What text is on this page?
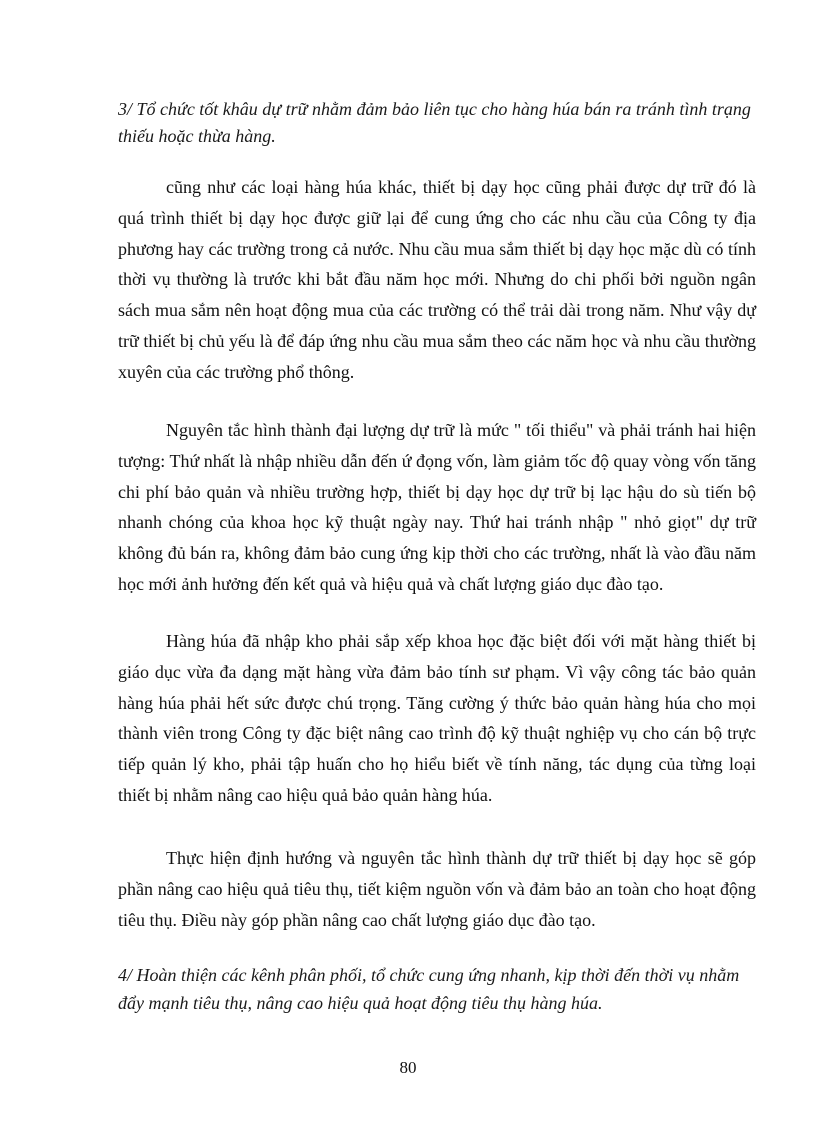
3/ Tổ chức tốt khâu dự trữ nhằm đảm bảo liên tục cho hàng húa bán ra tránh tình trạng thiếu hoặc thừa hàng.
cũng như các loại hàng húa khác, thiết bị dạy học cũng phải được dự trữ đó là quá trình thiết bị dạy học được giữ lại để cung ứng cho các nhu cầu của Công ty địa phương hay các trường trong cả nước. Nhu cầu mua sắm thiết bị dạy học mặc dù có tính thời vụ thường là trước khi bắt đầu năm học mới. Nhưng do chi phối bởi nguồn ngân sách mua sắm nên hoạt động mua của các trường có thể trải dài trong năm. Như vậy dự trữ thiết bị chủ yếu là để đáp ứng nhu cầu mua sắm theo các năm học và nhu cầu thường xuyên của các trường phổ thông.
Nguyên tắc hình thành đại lượng dự trữ là mức " tối thiểu" và phải tránh hai hiện tượng: Thứ nhất là nhập nhiều dẫn đến ứ đọng vốn, làm giảm tốc độ quay vòng vốn tăng chi phí bảo quản và nhiều trường hợp, thiết bị dạy học dự trữ bị lạc hậu do sù tiến bộ nhanh chóng của khoa học kỹ thuật ngày nay. Thứ hai tránh nhập " nhỏ giọt" dự trữ không đủ bán ra, không đảm bảo cung ứng kịp thời cho các trường, nhất là vào đầu năm học mới ảnh hưởng đến kết quả và hiệu quả và chất lượng giáo dục đào tạo.
Hàng húa đã nhập kho phải sắp xếp khoa học đặc biệt đối với mặt hàng thiết bị giáo dục vừa đa dạng mặt hàng vừa đảm bảo tính sư phạm. Vì vậy công tác bảo quản hàng húa phải hết sức được chú trọng. Tăng cường ý thức bảo quản hàng húa cho mọi thành viên trong Công ty đặc biệt nâng cao trình độ kỹ thuật nghiệp vụ cho cán bộ trực tiếp quản lý kho, phải tập huấn cho họ hiểu biết về tính năng, tác dụng của từng loại thiết bị nhằm nâng cao hiệu quả bảo quản hàng húa.
Thực hiện định hướng và nguyên tắc hình thành dự trữ thiết bị dạy học sẽ góp phần nâng cao hiệu quả tiêu thụ, tiết kiệm nguồn vốn và đảm bảo an toàn cho hoạt động tiêu thụ. Điều này góp phần nâng cao chất lượng giáo dục đào tạo.
4/ Hoàn thiện các kênh phân phối, tổ chức cung ứng nhanh, kịp thời đến thời vụ nhằm đẩy mạnh tiêu thụ, nâng cao hiệu quả hoạt động tiêu thụ hàng húa.
80
